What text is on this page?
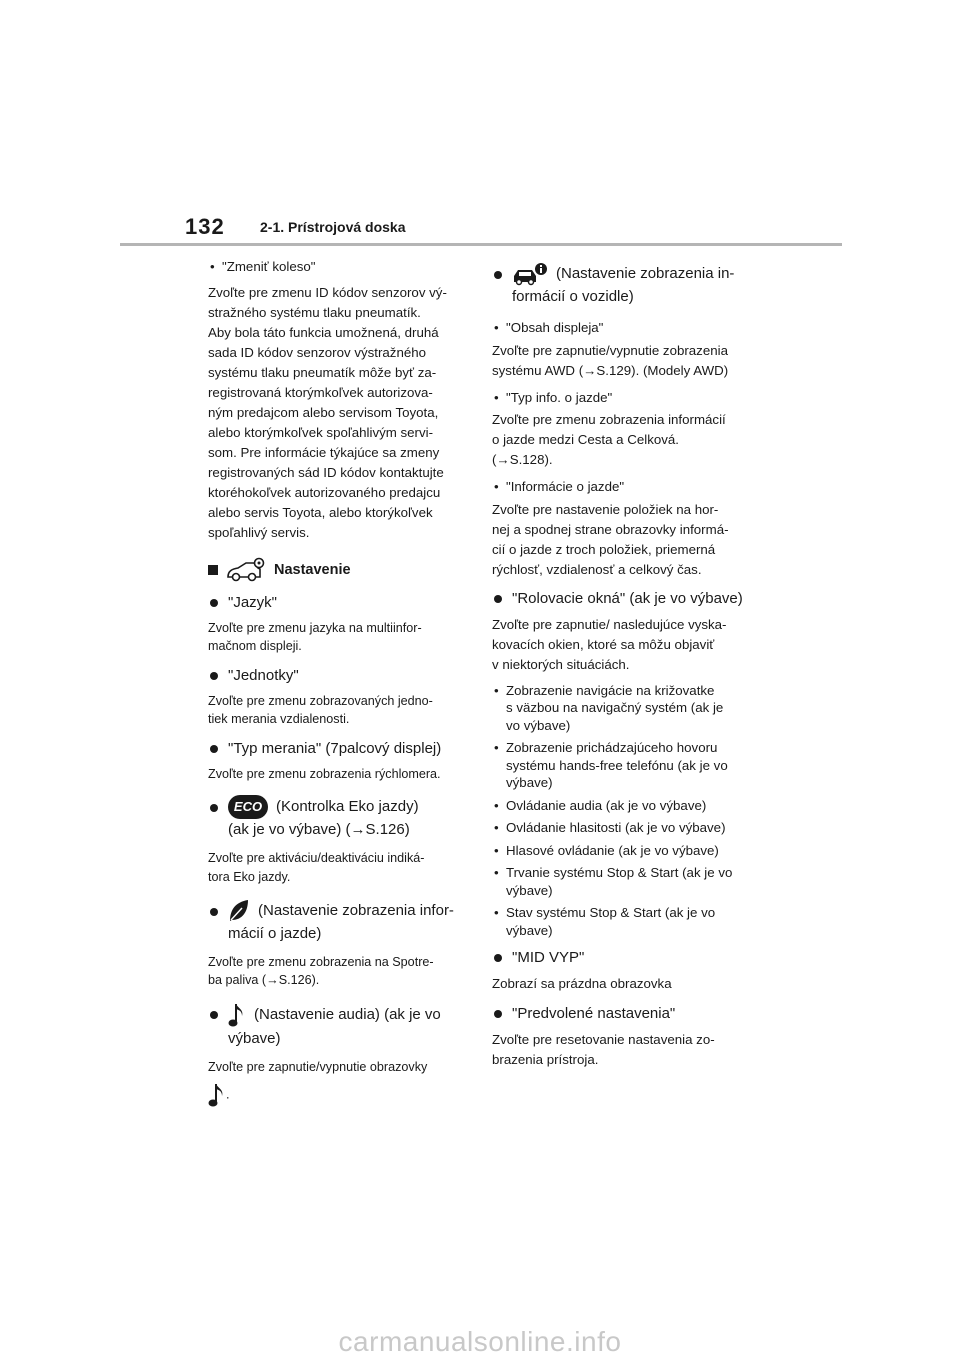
132	2-1. Prístrojová doska

• "Zmeniť koleso"

Zvoľte pre zmenu ID kódov senzorov vý-

stražného systému tlaku pneumatík.

Aby bola táto funkcia umožnená, druhá

sada ID kódov senzorov výstražného

systému tlaku pneumatík môže byť za-

registrovaná ktorýmkoľvek autorizova-

ným predajcom alebo servisom Toyota,

alebo ktorýmkoľvek spoľahlivým servi-

som. Pre informácie týkajúce sa zmeny

registrovaných sád ID kódov kontaktujte

ktoréhokoľvek autorizovaného predajcu

alebo servis Toyota, alebo ktorýkoľvek

spoľahlivý servis.

Nastavenie
"Jazyk"

Zvoľte pre zmenu jazyka na multiinfor-

mačnom displeji.

"Jednotky"

Zvoľte pre zmenu zobrazovaných jedno-

tiek merania vzdialenosti.

"Typ merania" (7palcový displej)

Zvoľte pre zmenu zobrazenia rýchlomera.

ECO (Kontrolka Eko jazdy)
(ak je vo výbave) (→S.126)

Zvoľte pre aktiváciu/deaktiváciu indiká-

tora Eko jazdy.

(Nastavenie zobrazenia infor-
mácií o jazde)

Zvoľte pre zmenu zobrazenia na Spotre-

ba paliva (→S.126).

(Nastavenie audia) (ak je vo
výbave)

Zvoľte pre zapnutie/vypnutie obrazovky

.

(Nastavenie zobrazenia in-
formácií o vozidle)

• "Obsah displeja"

Zvoľte pre zapnutie/vypnutie zobrazenia

systému AWD (→S.129). (Modely AWD)

• "Typ info. o jazde"

Zvoľte pre zmenu zobrazenia informácií

o jazde medzi Cesta a Celková.

(→S.128).

• "Informácie o jazde"

Zvoľte pre nastavenie položiek na hor-

nej a spodnej strane obrazovky informá-

cií o jazde z troch položiek, priemerná

rýchlosť, vzdialenosť a celkový čas.

"Rolovacie okná" (ak je vo výbave)

Zvoľte pre zapnutie/ nasledujúce vyska-

kovacích okien, ktoré sa môžu objaviť

v niektorých situáciách.

• Zobrazenie navigácie na križovatke
s väzbou na navigačný systém (ak je
vo výbave)
• Zobrazenie prichádzajúceho hovoru
systému hands-free telefónu (ak je vo
výbave)
• Ovládanie audia (ak je vo výbave)
• Ovládanie hlasitosti (ak je vo výbave)
• Hlasové ovládanie (ak je vo výbave)
• Trvanie systému Stop & Start (ak je vo
výbave)
• Stav systému Stop & Start (ak je vo
výbave)
"MID VYP"

Zobrazí sa prázdna obrazovka

"Predvolené nastavenia"

Zvoľte pre resetovanie nastavenia zo-

brazenia prístroja.

carmanualsonline.info
